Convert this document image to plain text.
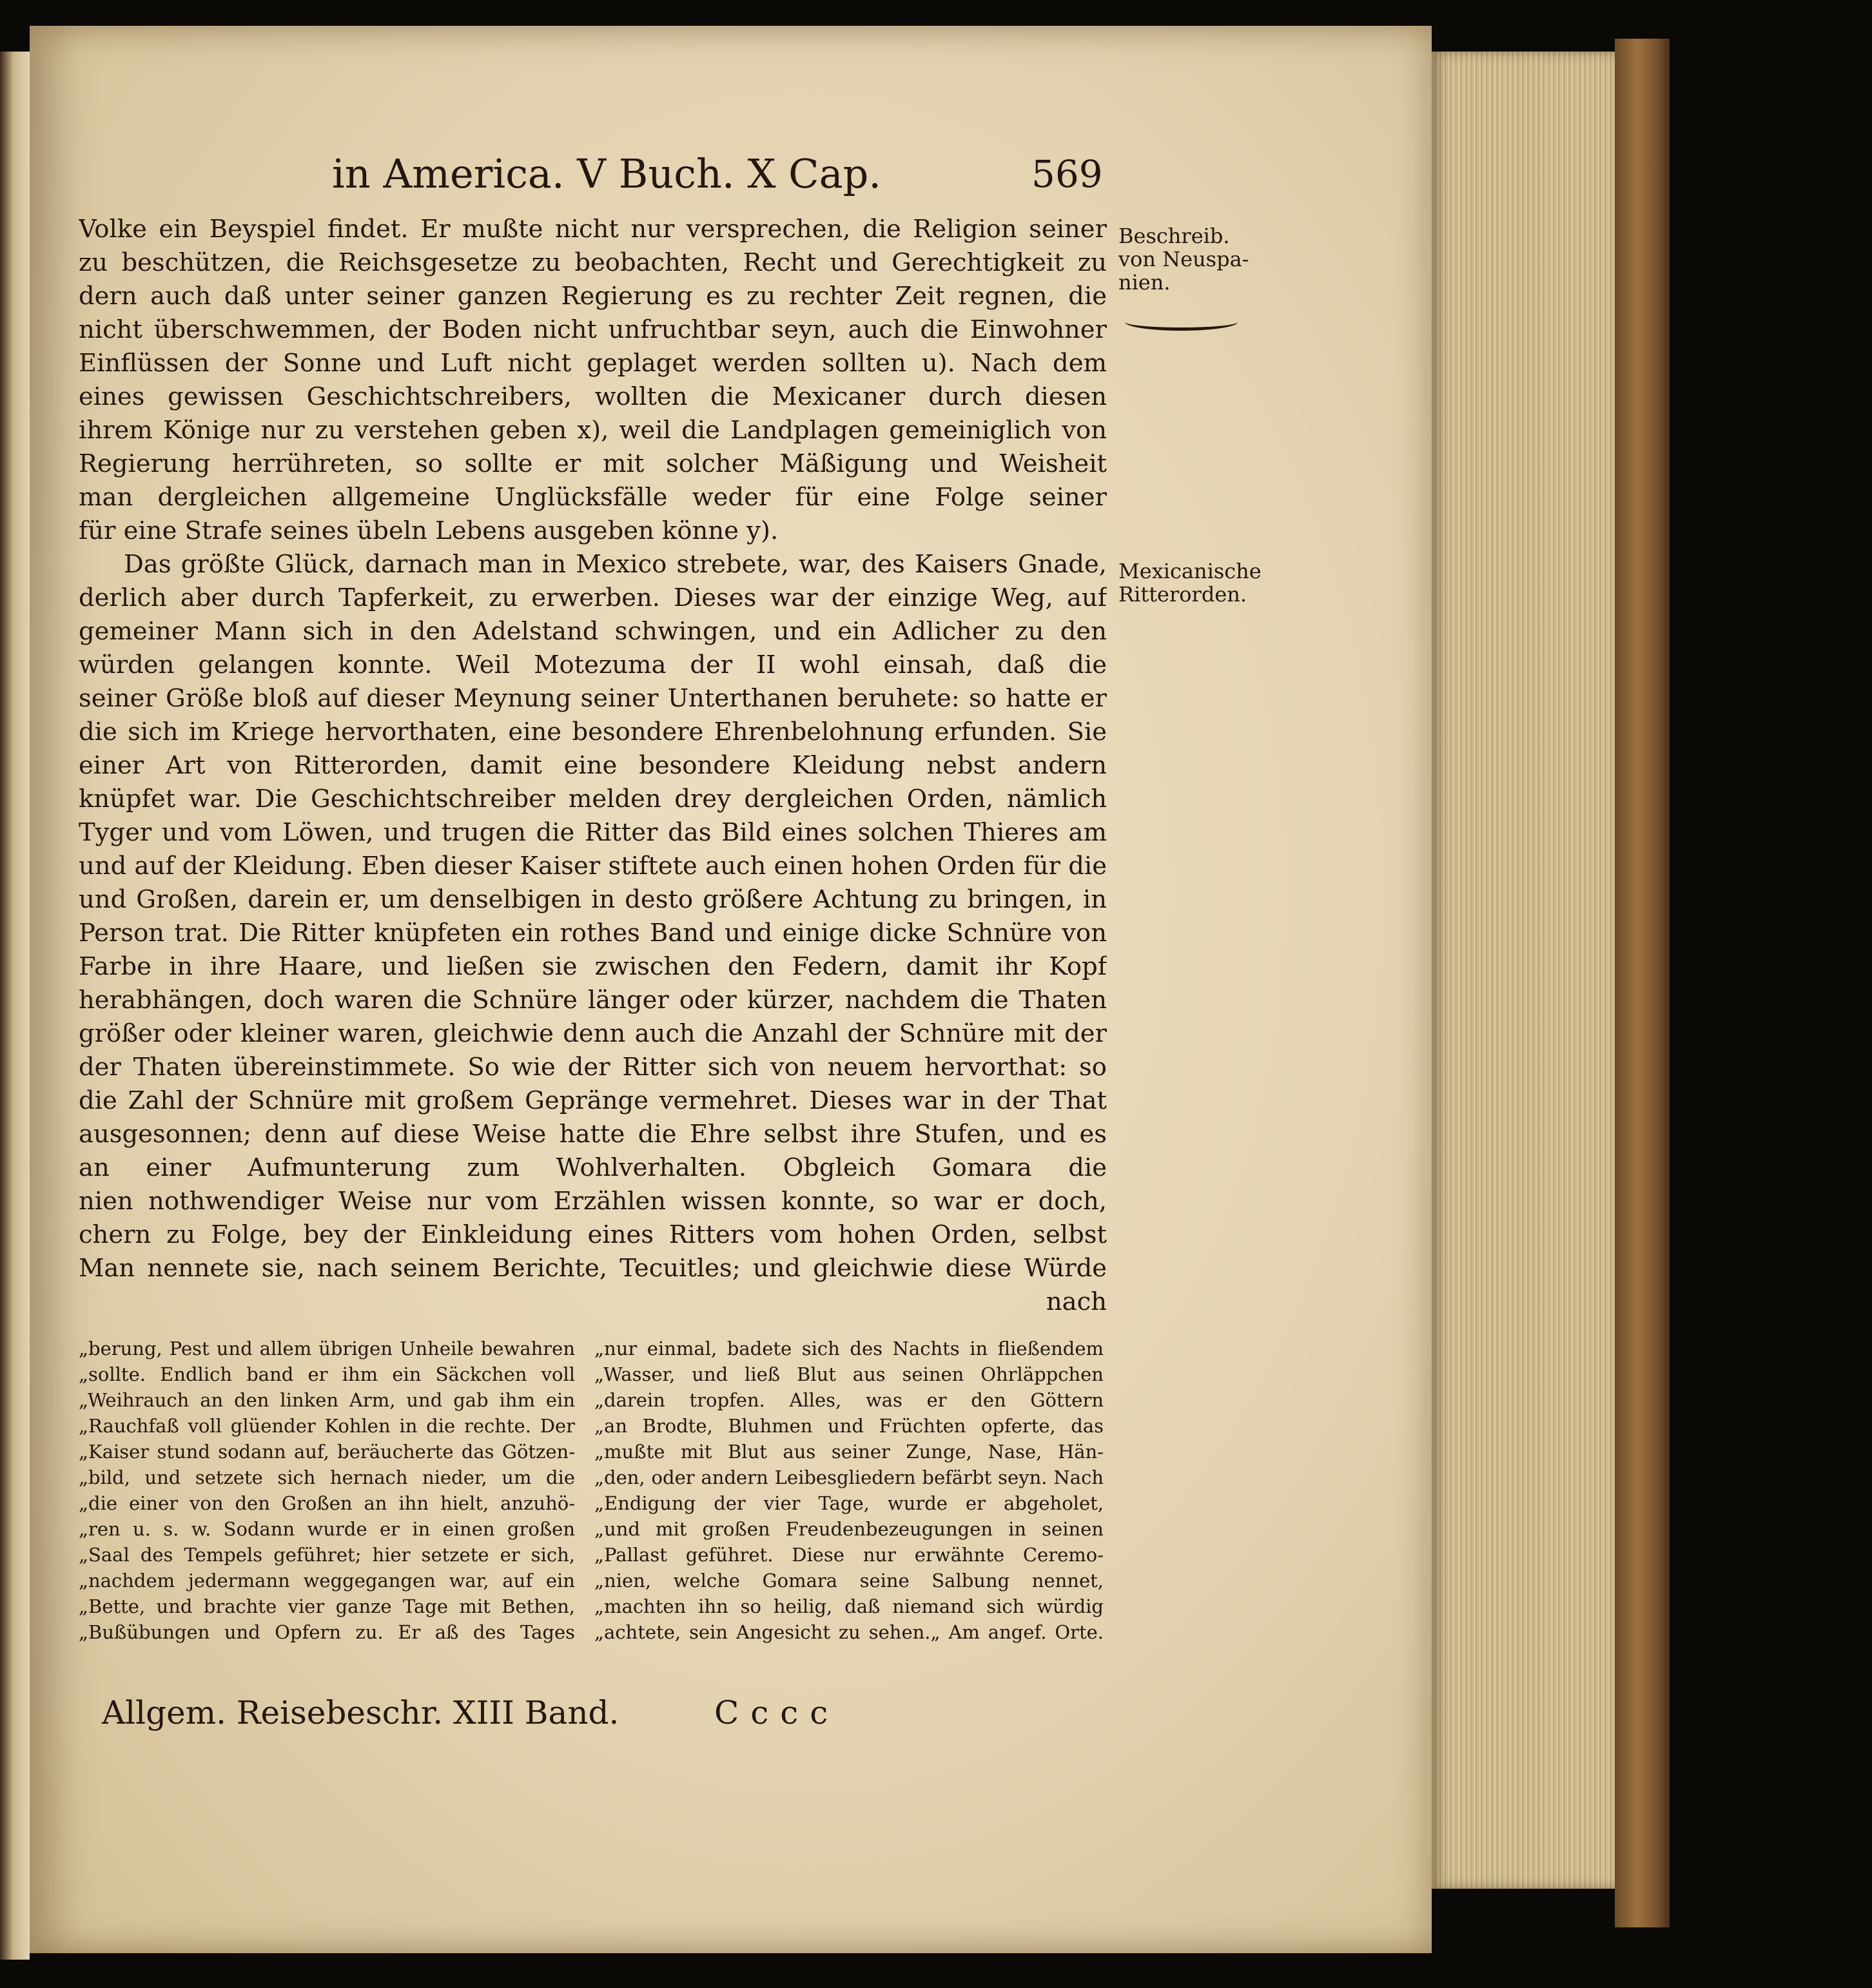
in America. V Buch. X Cap.	569
Beschreib.
von Neuspa-
nien.
Mexicanische
Ritterorden.
Volke ein Beyspiel findet. Er mußte nicht nur versprechen, die Religion seiner
zu beschützen, die Reichsgesetze zu beobachten, Recht und Gerechtigkeit zu
dern auch daß unter seiner ganzen Regierung es zu rechter Zeit regnen, die
nicht überschwemmen, der Boden nicht unfruchtbar seyn, auch die Einwohner
Einflüssen der Sonne und Luft nicht geplaget werden sollten u). Nach dem
eines gewissen Geschichtschreibers, wollten die Mexicaner durch diesen
ihrem Könige nur zu verstehen geben x), weil die Landplagen gemeiniglich von
Regierung herrühreten, so sollte er mit solcher Mäßigung und Weisheit
man dergleichen allgemeine Unglücksfälle weder für eine Folge seiner
für eine Strafe seines übeln Lebens ausgeben könne y).
Das größte Glück, darnach man in Mexico strebete, war, des Kaisers Gnade,
derlich aber durch Tapferkeit, zu erwerben. Dieses war der einzige Weg, auf
gemeiner Mann sich in den Adelstand schwingen, und ein Adlicher zu den
würden gelangen konnte. Weil Motezuma der II wohl einsah, daß die
seiner Größe bloß auf dieser Meynung seiner Unterthanen beruhete: so hatte er
die sich im Kriege hervorthaten, eine besondere Ehrenbelohnung erfunden. Sie
einer Art von Ritterorden, damit eine besondere Kleidung nebst andern
knüpfet war. Die Geschichtschreiber melden drey dergleichen Orden, nämlich
Tyger und vom Löwen, und trugen die Ritter das Bild eines solchen Thieres am
und auf der Kleidung. Eben dieser Kaiser stiftete auch einen hohen Orden für die
und Großen, darein er, um denselbigen in desto größere Achtung zu bringen, in
Person trat. Die Ritter knüpfeten ein rothes Band und einige dicke Schnüre von
Farbe in ihre Haare, und ließen sie zwischen den Federn, damit ihr Kopf
herabhängen, doch waren die Schnüre länger oder kürzer, nachdem die Thaten
größer oder kleiner waren, gleichwie denn auch die Anzahl der Schnüre mit der
der Thaten übereinstimmete. So wie der Ritter sich von neuem hervorthat: so
die Zahl der Schnüre mit großem Gepränge vermehret. Dieses war in der That
ausgesonnen; denn auf diese Weise hatte die Ehre selbst ihre Stufen, und es
an einer Aufmunterung zum Wohlverhalten. Obgleich Gomara die
nien nothwendiger Weise nur vom Erzählen wissen konnte, so war er doch,
chern zu Folge, bey der Einkleidung eines Ritters vom hohen Orden, selbst
Man nennete sie, nach seinem Berichte, Tecuitles; und gleichwie diese Würde
nach
„berung, Pest und allem übrigen Unheile bewahren
„sollte. Endlich band er ihm ein Säckchen voll
„Weihrauch an den linken Arm, und gab ihm ein
„Rauchfaß voll glüender Kohlen in die rechte. Der
„Kaiser stund sodann auf, beräucherte das Götzen-
„bild, und setzete sich hernach nieder, um die
„die einer von den Großen an ihn hielt, anzuhö-
„ren u. s. w. Sodann wurde er in einen großen
„Saal des Tempels geführet; hier setzete er sich,
„nachdem jedermann weggegangen war, auf ein
„Bette, und brachte vier ganze Tage mit Bethen,
„Bußübungen und Opfern zu. Er aß des Tages
„nur einmal, badete sich des Nachts in fließendem
„Wasser, und ließ Blut aus seinen Ohrläppchen
„darein tropfen. Alles, was er den Göttern
„an Brodte, Bluhmen und Früchten opferte, das
„mußte mit Blut aus seiner Zunge, Nase, Hän-
„den, oder andern Leibesgliedern befärbt seyn. Nach
„Endigung der vier Tage, wurde er abgeholet,
„und mit großen Freudenbezeugungen in seinen
„Pallast geführet. Diese nur erwähnte Ceremo-
„nien, welche Gomara seine Salbung nennet,
„machten ihn so heilig, daß niemand sich würdig
„achtete, sein Angesicht zu sehen.„ Am angef. Orte.
Allgem. Reisebeschr. XIII Band.	Cccc
